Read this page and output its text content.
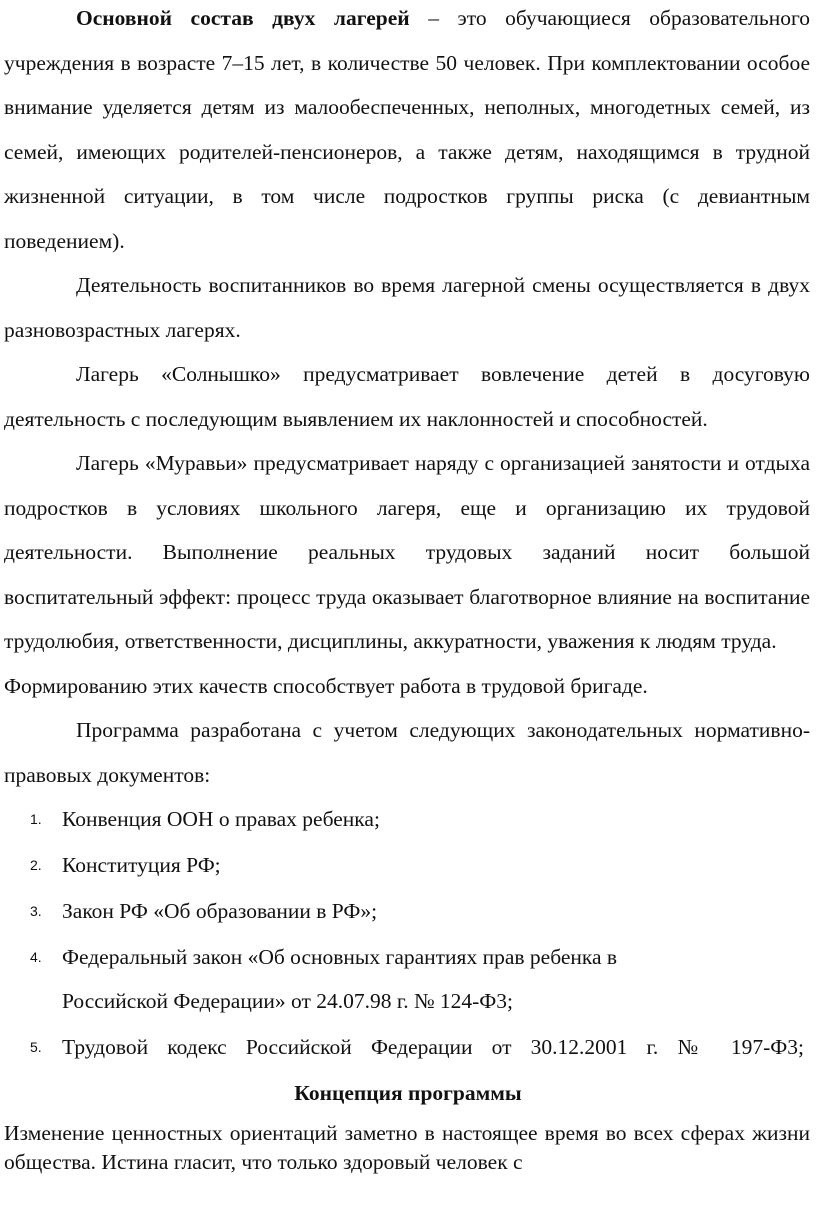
Основной состав двух лагерей – это обучающиеся образовательного учреждения в возрасте 7–15 лет, в количестве 50 человек. При комплектовании особое внимание уделяется детям из малообеспеченных, неполных, многодетных семей, из семей, имеющих родителей-пенсионеров, а также детям, находящимся в трудной жизненной ситуации, в том числе подростков группы риска (с девиантным поведением).

Деятельность воспитанников во время лагерной смены осуществляется в двух разновозрастных лагерях.

Лагерь «Солнышко» предусматривает вовлечение детей в досуговую деятельность с последующим выявлением их наклонностей и способностей.

Лагерь «Муравьи» предусматривает наряду с организацией занятости и отдыха подростков в условиях школьного лагеря, еще и организацию их трудовой деятельности. Выполнение реальных трудовых заданий носит большой воспитательный эффект: процесс труда оказывает благотворное влияние на воспитание трудолюбия, ответственности, дисциплины, аккуратности, уважения к людям труда.

Формированию этих качеств способствует работа в трудовой бригаде.

Программа разработана с учетом следующих законодательных нормативно-правовых документов:

1. Конвенция ООН о правах ребенка;
2. Конституция РФ;
3. Закон РФ «Об образовании в РФ»;
4. Федеральный закон «Об основных гарантиях прав ребенка в
Российской Федерации» от 24.07.98 г. № 124-Ф3;
5. Трудовой кодекс Российской Федерации от 30.12.2001 г. № 197-Ф3;

Концепция программы

Изменение ценностных ориентаций заметно в настоящее время во всех сферах жизни общества. Истина гласит, что только здоровый человек с
